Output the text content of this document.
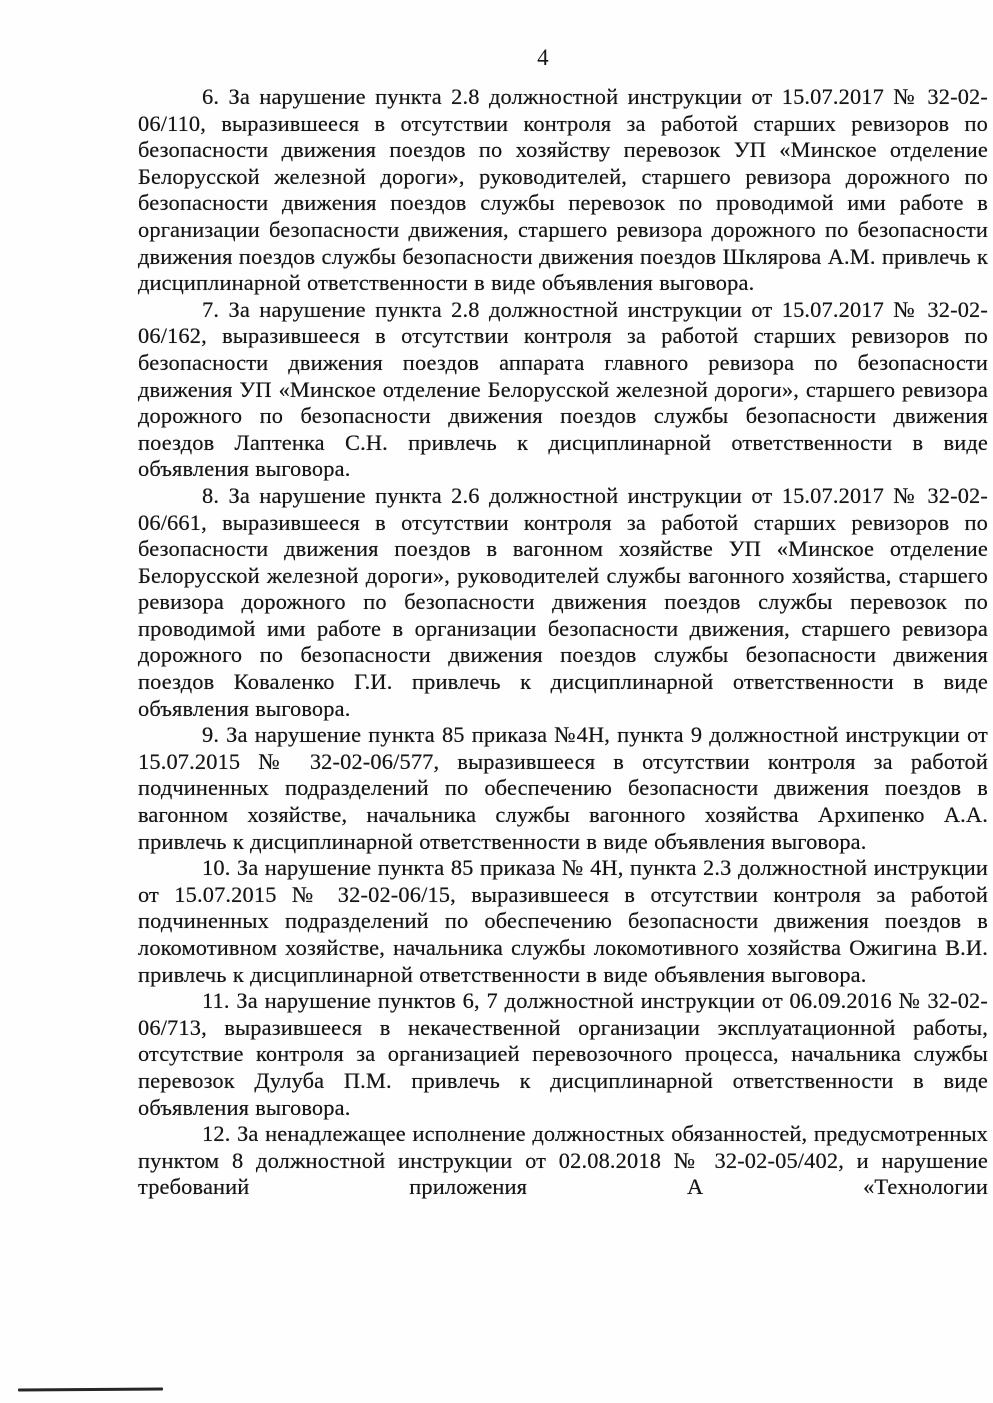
4

6. За нарушение пункта 2.8 должностной инструкции от 15.07.2017 № 32-02-06/110, выразившееся в отсутствии контроля за работой старших ревизоров по безопасности движения поездов по хозяйству перевозок УП «Минское отделение Белорусской железной дороги», руководителей, старшего ревизора дорожного по безопасности движения поездов службы перевозок по проводимой ими работе в организации безопасности движения, старшего ревизора дорожного по безопасности движения поездов службы безопасности движения поездов Шклярова А.М. привлечь к дисциплинарной ответственности в виде объявления выговора.

7. За нарушение пункта 2.8 должностной инструкции от 15.07.2017 № 32-02-06/162, выразившееся в отсутствии контроля за работой старших ревизоров по безопасности движения поездов аппарата главного ревизора по безопасности движения УП «Минское отделение Белорусской железной дороги», старшего ревизора дорожного по безопасности движения поездов службы безопасности движения поездов Лаптенка С.Н. привлечь к дисциплинарной ответственности в виде объявления выговора.

8. За нарушение пункта 2.6 должностной инструкции от 15.07.2017 № 32-02-06/661, выразившееся в отсутствии контроля за работой старших ревизоров по безопасности движения поездов в вагонном хозяйстве УП «Минское отделение Белорусской железной дороги», руководителей службы вагонного хозяйства, старшего ревизора дорожного по безопасности движения поездов службы перевозок по проводимой ими работе в организации безопасности движения, старшего ревизора дорожного по безопасности движения поездов службы безопасности движения поездов Коваленко Г.И. привлечь к дисциплинарной ответственности в виде объявления выговора.

9. За нарушение пункта 85 приказа №4Н, пункта 9 должностной инструкции от 15.07.2015 № 32-02-06/577, выразившееся в отсутствии контроля за работой подчиненных подразделений по обеспечению безопасности движения поездов в вагонном хозяйстве, начальника службы вагонного хозяйства Архипенко А.А. привлечь к дисциплинарной ответственности в виде объявления выговора.

10. За нарушение пункта 85 приказа № 4Н, пункта 2.3 должностной инструкции от 15.07.2015 № 32-02-06/15, выразившееся в отсутствии контроля за работой подчиненных подразделений по обеспечению безопасности движения поездов в локомотивном хозяйстве, начальника службы локомотивного хозяйства Ожигина В.И. привлечь к дисциплинарной ответственности в виде объявления выговора.

11. За нарушение пунктов 6, 7 должностной инструкции от 06.09.2016 № 32-02-06/713, выразившееся в некачественной организации эксплуатационной работы, отсутствие контроля за организацией перевозочного процесса, начальника службы перевозок Дулуба П.М. привлечь к дисциплинарной ответственности в виде объявления выговора.

12. За ненадлежащее исполнение должностных обязанностей, предусмотренных пунктом 8 должностной инструкции от 02.08.2018 № 32-02-05/402, и нарушение требований приложения А «Технологии
